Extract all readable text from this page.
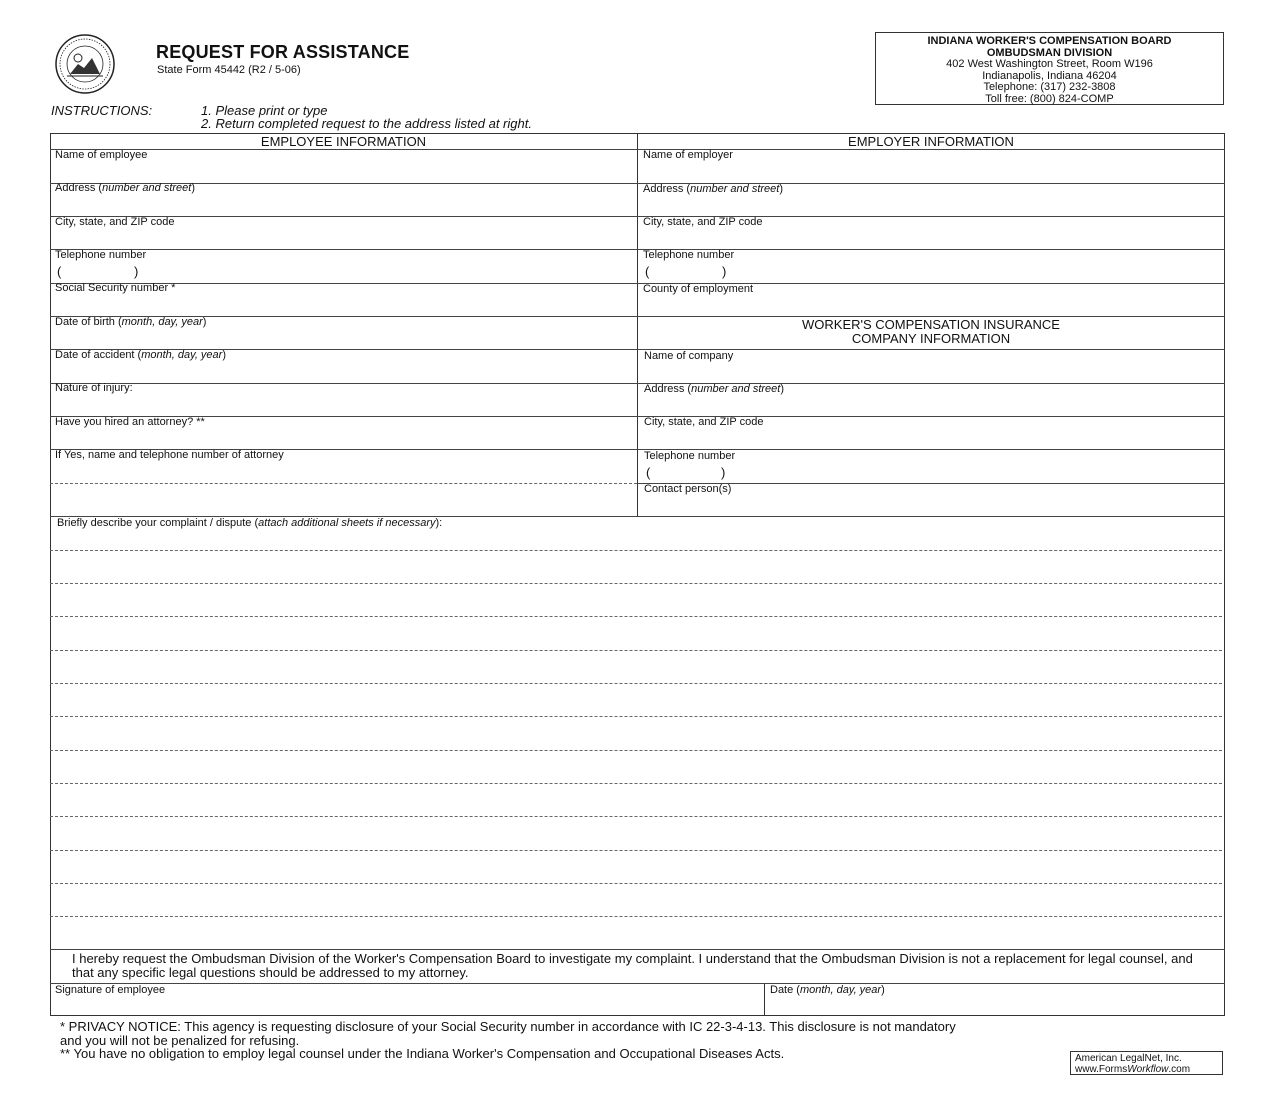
REQUEST FOR ASSISTANCE
State Form 45442 (R2 / 5-06)
INDIANA WORKER'S COMPENSATION BOARD
OMBUDSMAN DIVISION
402 West Washington Street, Room W196
Indianapolis, Indiana 46204
Telephone: (317) 232-3808
Toll free: (800) 824-COMP
INSTRUCTIONS:	1. Please print or type
2. Return completed request to the address listed at right.
EMPLOYEE INFORMATION
Name of employee
Address (number and street)
City, state, and ZIP code
Telephone number
(	)
Social Security number *
Date of birth (month, day, year)
Date of accident (month, day, year)
Nature of injury:
Have you hired an attorney? **
If Yes, name and telephone number of attorney
EMPLOYER INFORMATION
Name of employer
Address (number and street)
City, state, and ZIP code
Telephone number
(	)
County of employment
WORKER'S COMPENSATION INSURANCE
COMPANY INFORMATION
Name of company
Address (number and street)
City, state, and ZIP code
Telephone number
(	)
Contact person(s)
Briefly describe your complaint / dispute (attach additional sheets if necessary):
I hereby request the Ombudsman Division of the Worker's Compensation Board to investigate my complaint. I understand that the Ombudsman Division is not a replacement for legal counsel, and that any specific legal questions should be addressed to my attorney.
Signature of employee	Date (month, day, year)
* PRIVACY NOTICE: This agency is requesting disclosure of your Social Security number in accordance with IC 22-3-4-13. This disclosure is not mandatory
and you will not be penalized for refusing.
** You have no obligation to employ legal counsel under the Indiana Worker's Compensation and Occupational Diseases Acts.	American LegalNet, Inc.
www.FormsWorkflow.com
